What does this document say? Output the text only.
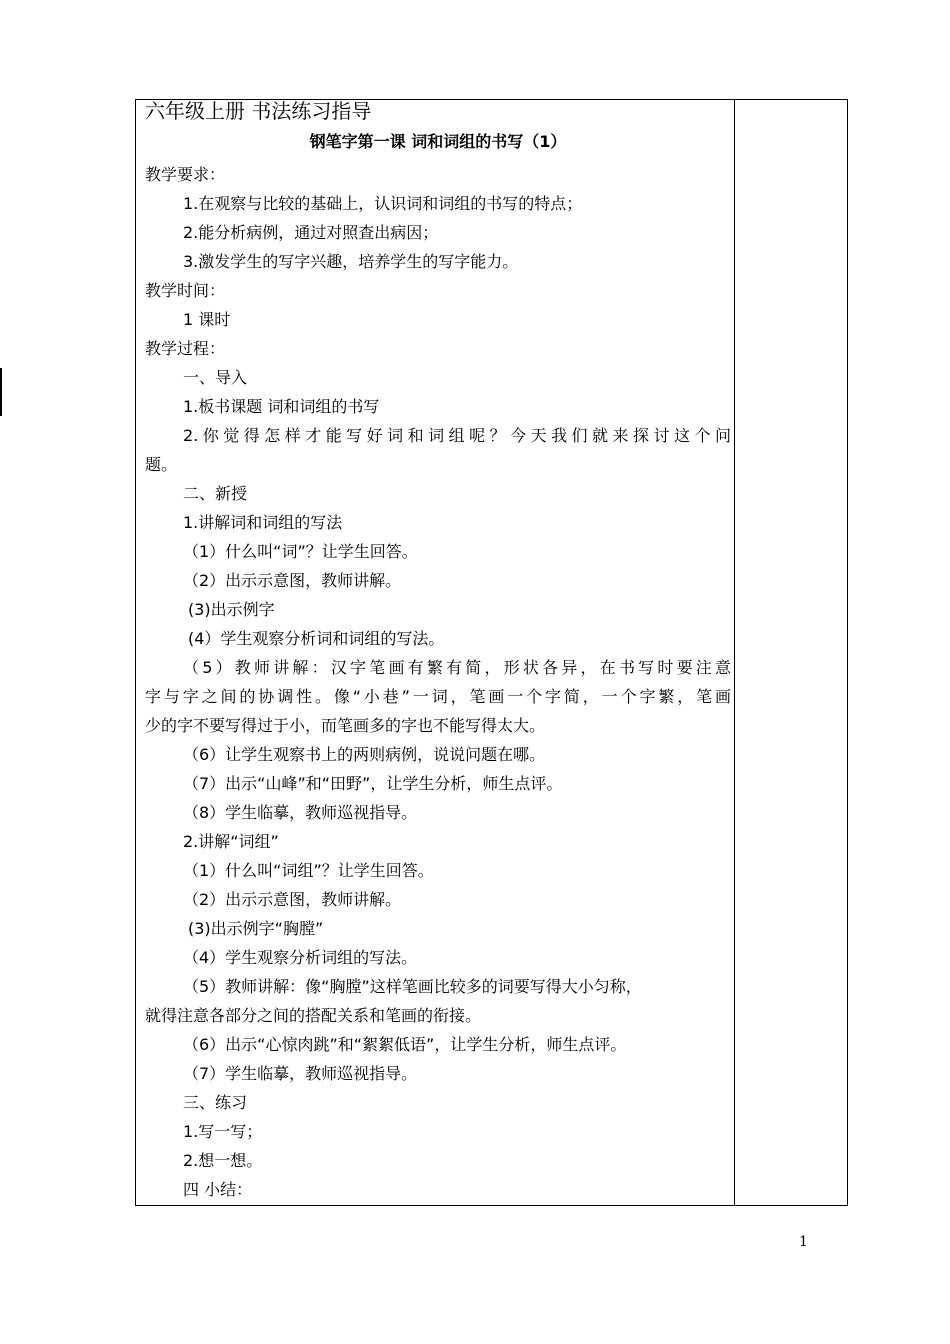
六年级上册 书法练习指导
钢笔字第一课 词和词组的书写（1）
教学要求：
1.在观察与比较的基础上，认识词和词组的书写的特点；
2.能分析病例，通过对照查出病因；
3.激发学生的写字兴趣，培养学生的写字能力。
教学时间：
1 课时
教学过程：
一、导入
1.板书课题 词和词组的书写
2.你觉得怎样才能写好词和词组呢？今天我们就来探讨这个问
题。
二、新授
1.讲解词和词组的写法
（1）什么叫“词”？让学生回答。
（2）出示示意图，教师讲解。
(3)出示例字
(4）学生观察分析词和词组的写法。
（5）教师讲解：汉字笔画有繁有简，形状各异，在书写时要注意
字与字之间的协调性。像“小巷”一词，笔画一个字简，一个字繁，笔画
少的字不要写得过于小，而笔画多的字也不能写得太大。
（6）让学生观察书上的两则病例，说说问题在哪。
（7）出示“山峰”和“田野”，让学生分析，师生点评。
（8）学生临摹，教师巡视指导。
2.讲解“词组”
（1）什么叫“词组”？让学生回答。
（2）出示示意图，教师讲解。
(3)出示例字“胸膛”
（4）学生观察分析词组的写法。
（5）教师讲解：像“胸膛”这样笔画比较多的词要写得大小匀称，
就得注意各部分之间的搭配关系和笔画的衔接。
（6）出示“心惊肉跳”和“絮絮低语”，让学生分析，师生点评。
（7）学生临摹，教师巡视指导。
三、练习
1.写一写；
2.想一想。
四 小结：
1
